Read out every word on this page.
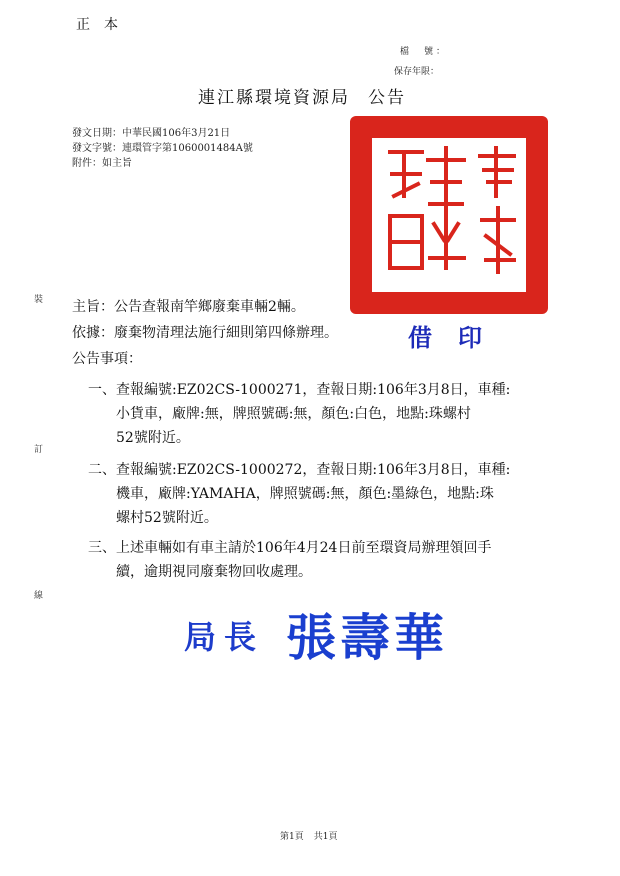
正本
檔　號：
保存年限：
連江縣環境資源局 公告
發文日期：中華民國106年3月21日
發文字號：連環管字第1060001484A號
附件：如主旨
裝
訂
線
主旨：公告查報南竿鄉廢棄車輛2輛。
依據：廢棄物清理法施行細則第四條辦理。
公告事項：
借印
一、 查報編號:EZ02CS-1000271，查報日期:106年3月8日，車種:
小貨車，廠牌:無，牌照號碼:無，顏色:白色，地點:珠螺村
52號附近。
二、 查報編號:EZ02CS-1000272，查報日期:106年3月8日，車種:
機車，廠牌:YAMAHA，牌照號碼:無，顏色:墨綠色，地點:珠
螺村52號附近。
三、 上述車輛如有車主請於106年4月24日前至環資局辦理領回手
續，逾期視同廢棄物回收處理。
局長 張壽華
第1頁 共1頁
